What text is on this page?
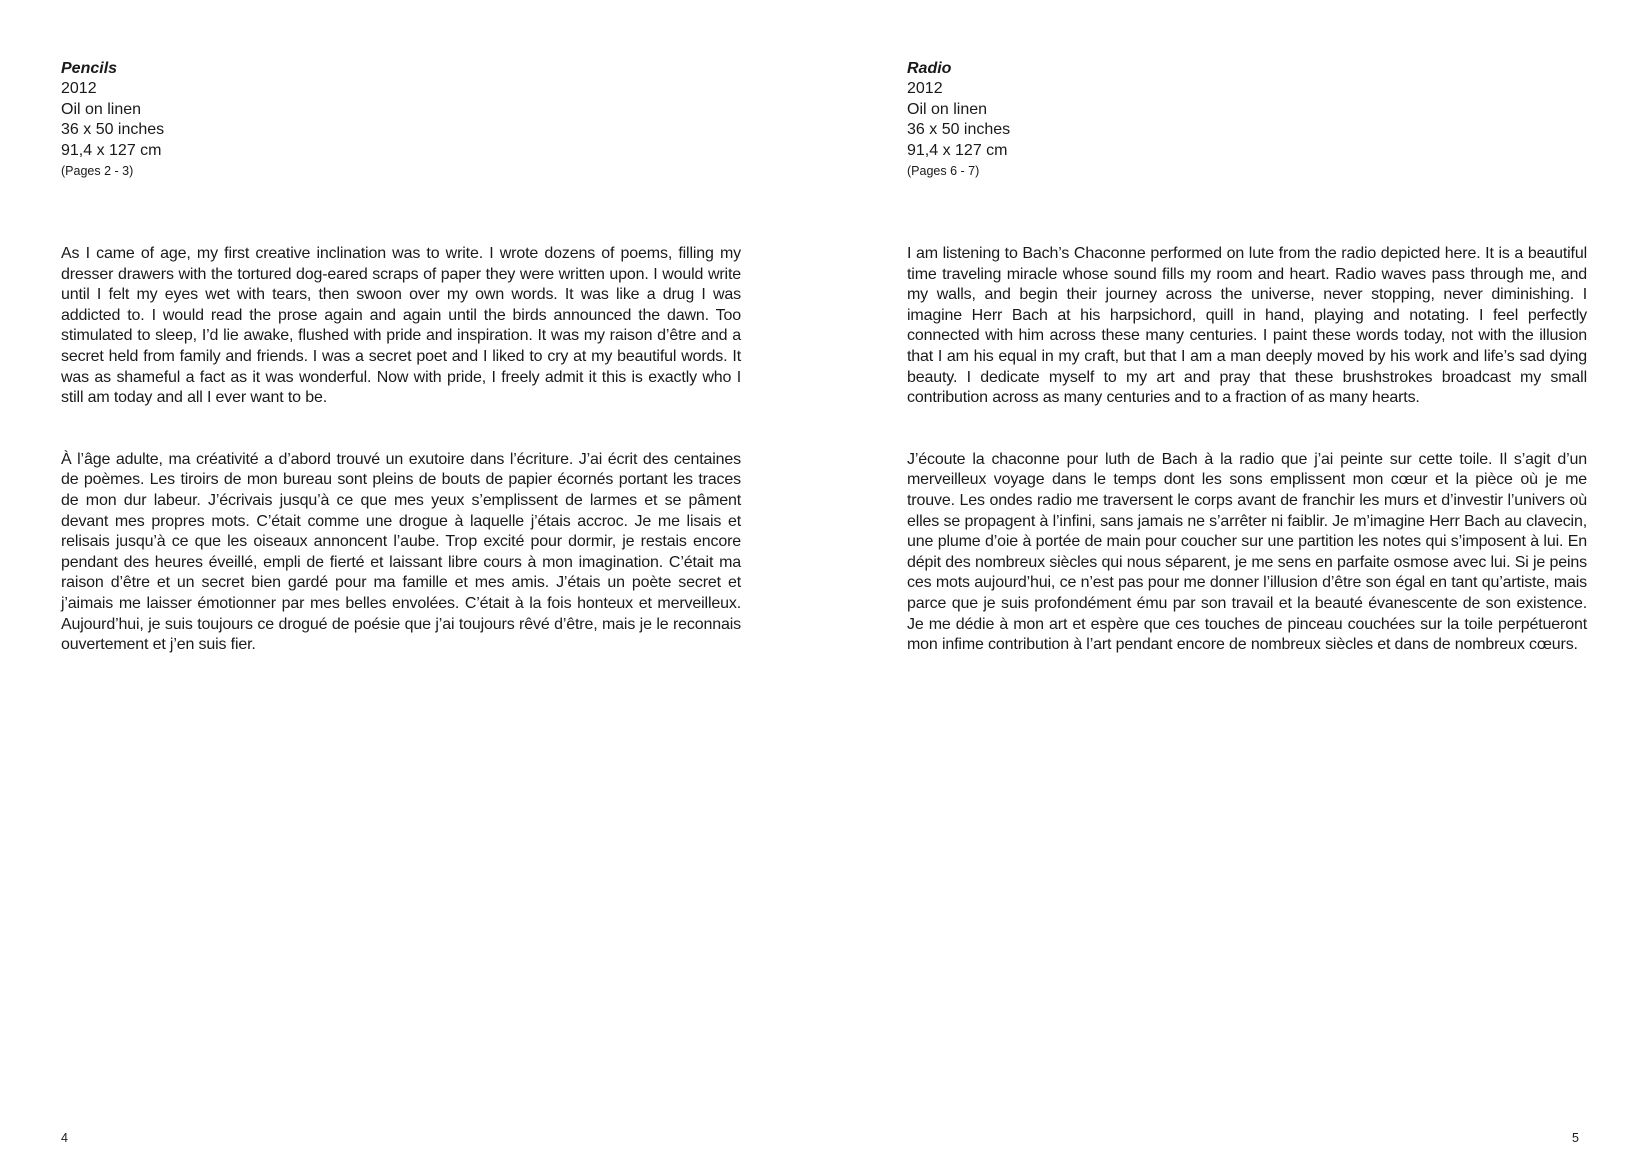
Pencils

2012

Oil on linen

36 x 50 inches

91,4 x 127 cm

(Pages 2 - 3)

As I came of age, my first creative inclination was to write. I wrote dozens of poems, filling my dresser drawers with the tortured dog-eared scraps of paper they were written upon. I would write until I felt my eyes wet with tears, then swoon over my own words. It was like a drug I was addicted to. I would read the prose again and again until the birds announced the dawn. Too stimulated to sleep, I’d lie awake, flushed with pride and inspiration. It was my raison d’être and a secret held from family and friends. I was a secret poet and I liked to cry at my beautiful words. It was as shameful a fact as it was wonderful. Now with pride, I freely admit it this is exactly who I still am today and all I ever want to be.

À l’âge adulte, ma créativité a d’abord trouvé un exutoire dans l’écriture. J’ai écrit des centaines de poèmes. Les tiroirs de mon bureau sont pleins de bouts de papier écornés portant les traces de mon dur labeur. J’écrivais jusqu’à ce que mes yeux s’emplissent de larmes et se pâment devant mes propres mots. C’était comme une drogue à laquelle j’étais accroc. Je me lisais et relisais jusqu’à ce que les oiseaux annoncent l’aube. Trop excité pour dormir, je restais encore pendant des heures éveillé, empli de fierté et laissant libre cours à mon imagination. C’était ma raison d’être et un secret bien gardé pour ma famille et mes amis. J’étais un poète secret et j’aimais me laisser émotionner par mes belles envolées. C’était à la fois honteux et merveilleux. Aujourd’hui, je suis toujours ce drogué de poésie que j’ai toujours rêvé d’être, mais je le reconnais ouvertement et j’en suis fier.

4

Radio

2012

Oil on linen

36 x 50 inches

91,4 x 127 cm

(Pages 6 - 7)

I am listening to Bach’s Chaconne performed on lute from the radio depicted here. It is a beautiful time traveling miracle whose sound fills my room and heart. Radio waves pass through me, and my walls, and begin their journey across the universe, never stopping, never diminishing. I imagine Herr Bach at his harpsichord, quill in hand, playing and notating. I feel perfectly connected with him across these many centuries. I paint these words today, not with the illusion that I am his equal in my craft, but that I am a man deeply moved by his work and life’s sad dying beauty. I dedicate myself to my art and pray that these brushstrokes broadcast my small contribution across as many centuries and to a fraction of as many hearts.

J’écoute la chaconne pour luth de Bach à la radio que j’ai peinte sur cette toile. Il s’agit d’un merveilleux voyage dans le temps dont les sons emplissent mon cœur et la pièce où je me trouve. Les ondes radio me traversent le corps avant de franchir les murs et d’investir l’univers où elles se propagent à l’infini, sans jamais ne s’arrêter ni faiblir. Je m’imagine Herr Bach au clavecin, une plume d’oie à portée de main pour coucher sur une partition les notes qui s’imposent à lui. En dépit des nombreux siècles qui nous séparent, je me sens en parfaite osmose avec lui. Si je peins ces mots aujourd’hui, ce n’est pas pour me donner l’illusion d’être son égal en tant qu’artiste, mais parce que je suis profondément ému par son travail et la beauté évanescente de son existence. Je me dédie à mon art et espère que ces touches de pinceau couchées sur la toile perpétueront mon infime contribution à l’art pendant encore de nombreux siècles et dans de nombreux cœurs.

5
